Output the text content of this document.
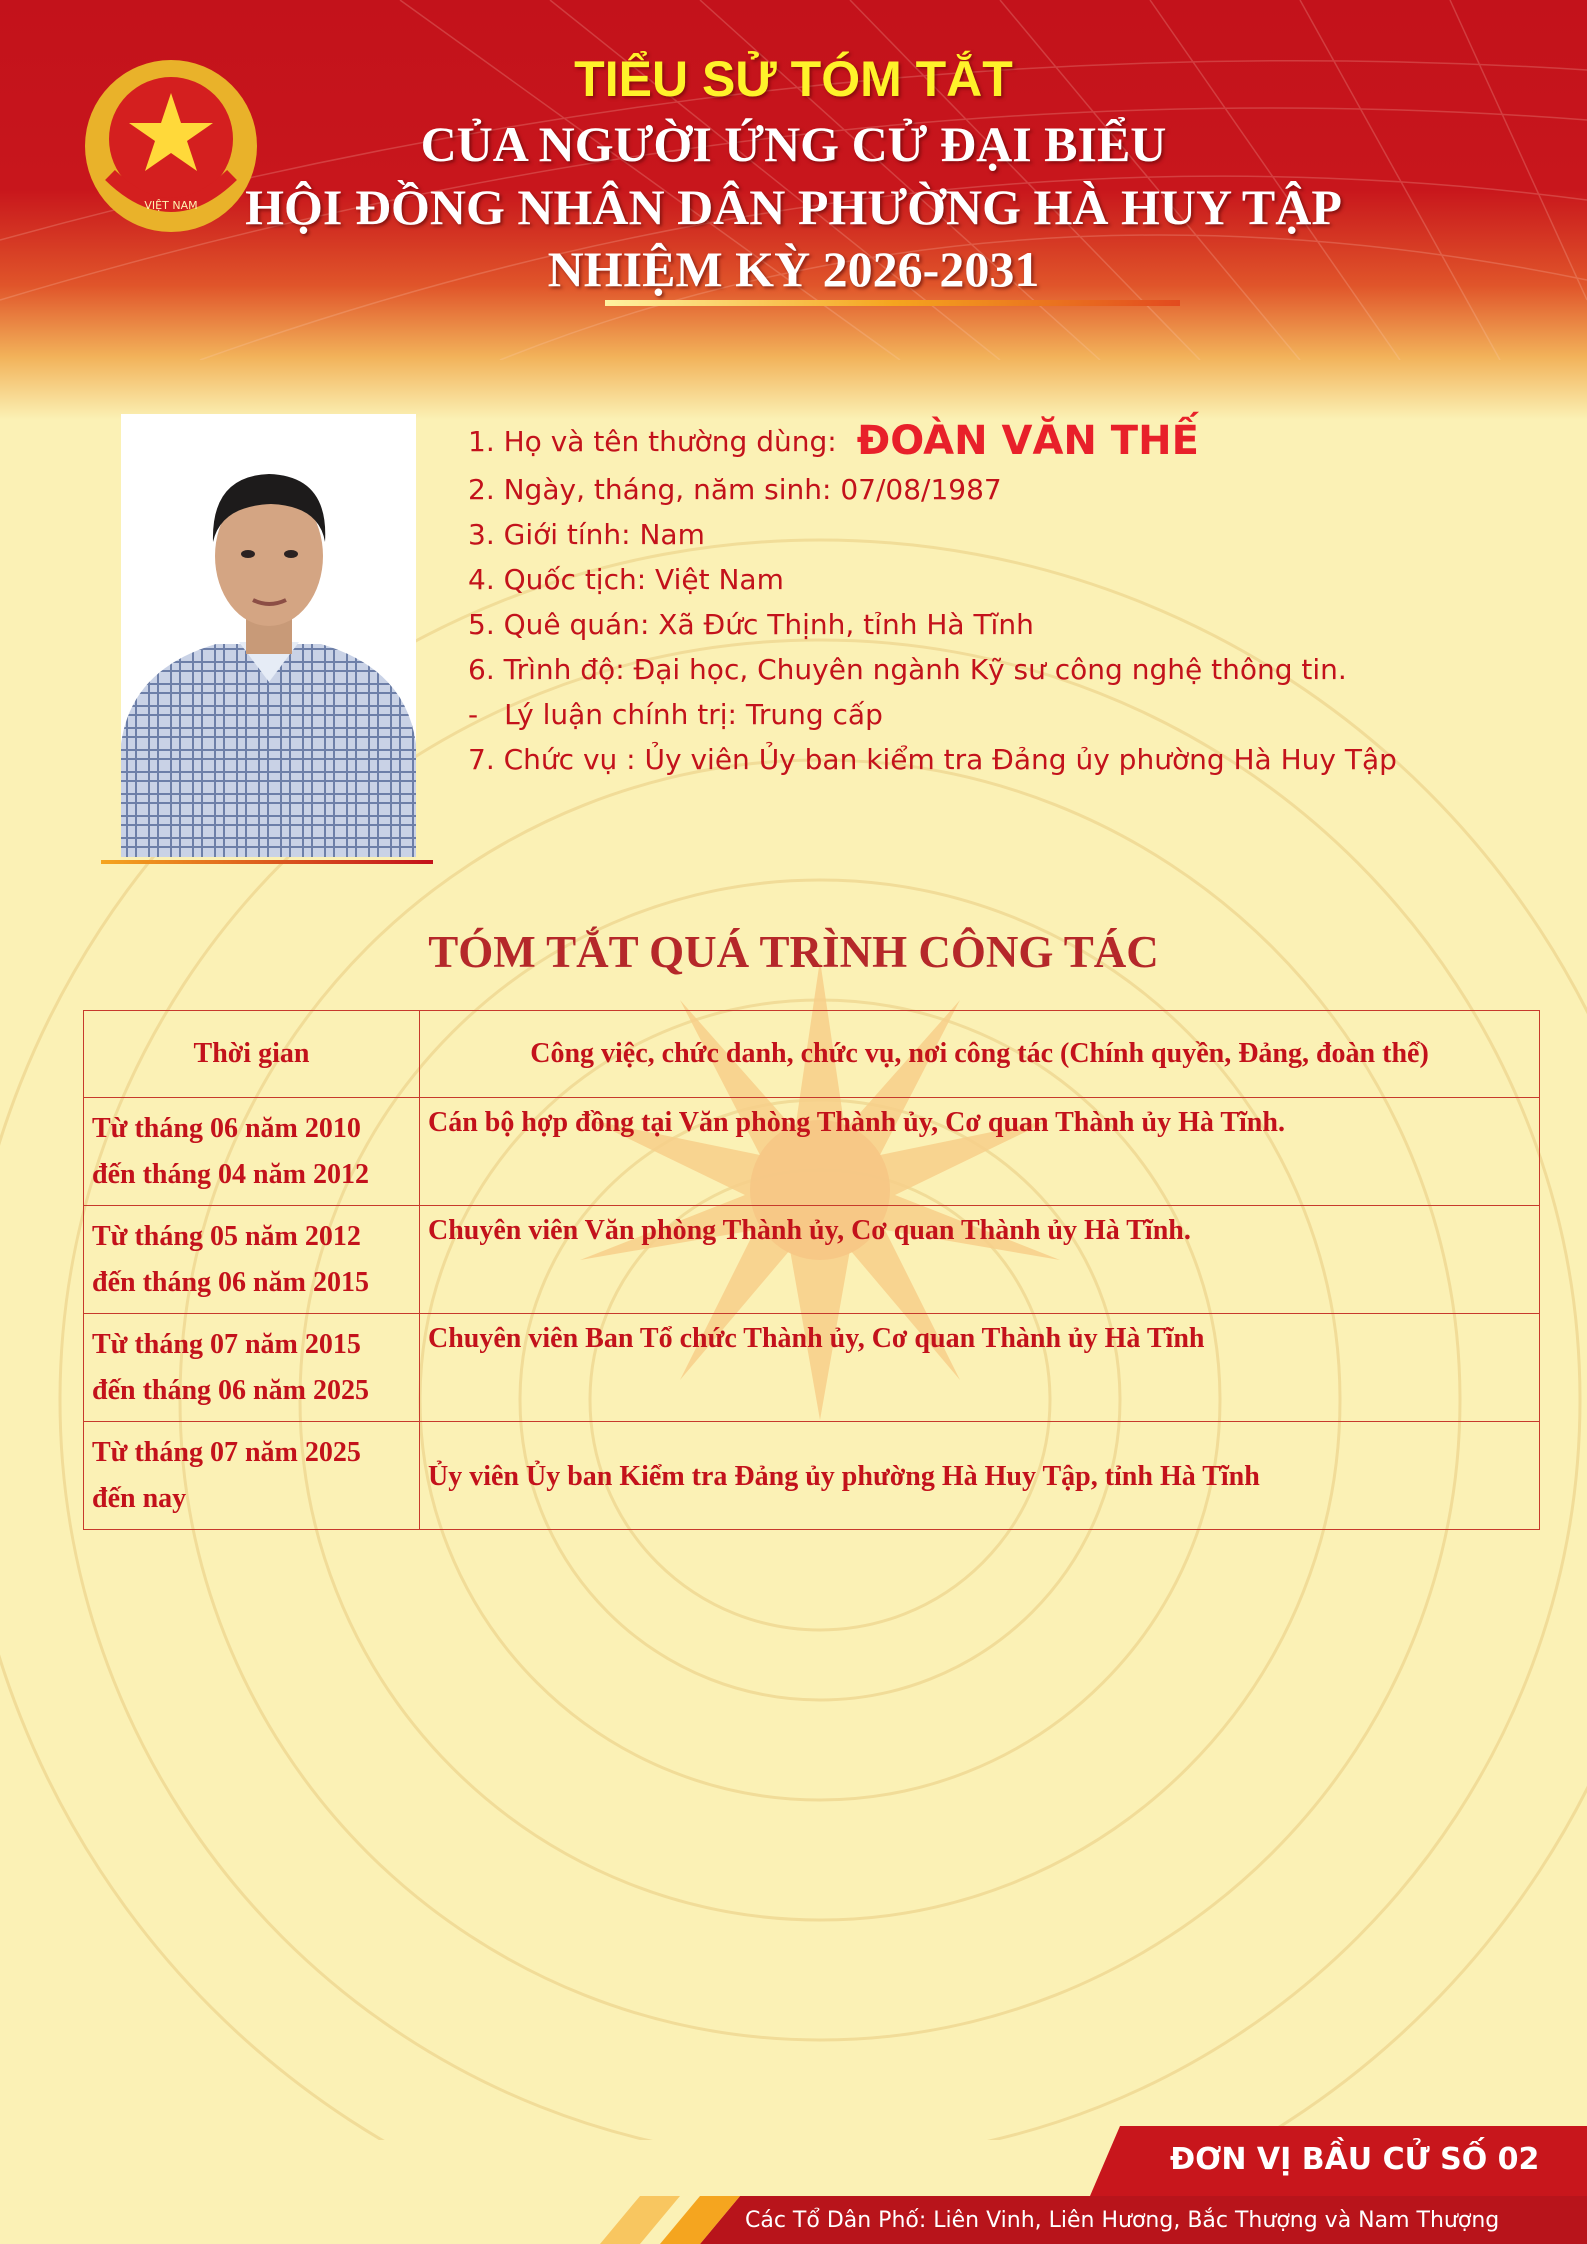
VIỆT NAM
TIỂU SỬ TÓM TẮT
CỦA NGƯỜI ỨNG CỬ ĐẠI BIỂU
HỘI ĐỒNG NHÂN DÂN PHƯỜNG HÀ HUY TẬP
NHIỆM KỲ 2026-2031
1. Họ và tên thường dùng: ĐOÀN VĂN THẾ
2. Ngày, tháng, năm sinh: 07/08/1987
3. Giới tính: Nam
4. Quốc tịch: Việt Nam
5. Quê quán: Xã Đức Thịnh, tỉnh Hà Tĩnh
6. Trình độ: Đại học, Chuyên ngành Kỹ sư công nghệ thông tin.
- Lý luận chính trị: Trung cấp
7. Chức vụ : Ủy viên Ủy ban kiểm tra Đảng ủy phường Hà Huy Tập
TÓM TẮT QUÁ TRÌNH CÔNG TÁC
Thời gian	Công việc, chức danh, chức vụ, nơi công tác (Chính quyền, Đảng, đoàn thể)

Từ tháng 06 năm 2010
đến tháng 04 năm 2012	Cán bộ hợp đồng tại Văn phòng Thành ủy, Cơ quan Thành ủy Hà Tĩnh.

Từ tháng 05 năm 2012
đến tháng 06 năm 2015	Chuyên viên Văn phòng Thành ủy, Cơ quan Thành ủy Hà Tĩnh.

Từ tháng 07 năm 2015
đến tháng 06 năm 2025	Chuyên viên Ban Tổ chức Thành ủy, Cơ quan Thành ủy Hà Tĩnh

Từ tháng 07 năm 2025
đến nay	Ủy viên Ủy ban Kiểm tra Đảng ủy phường Hà Huy Tập, tỉnh Hà Tĩnh
ĐƠN VỊ BẦU CỬ SỐ 02
Các Tổ Dân Phố: Liên Vinh, Liên Hương, Bắc Thượng và Nam Thượng
